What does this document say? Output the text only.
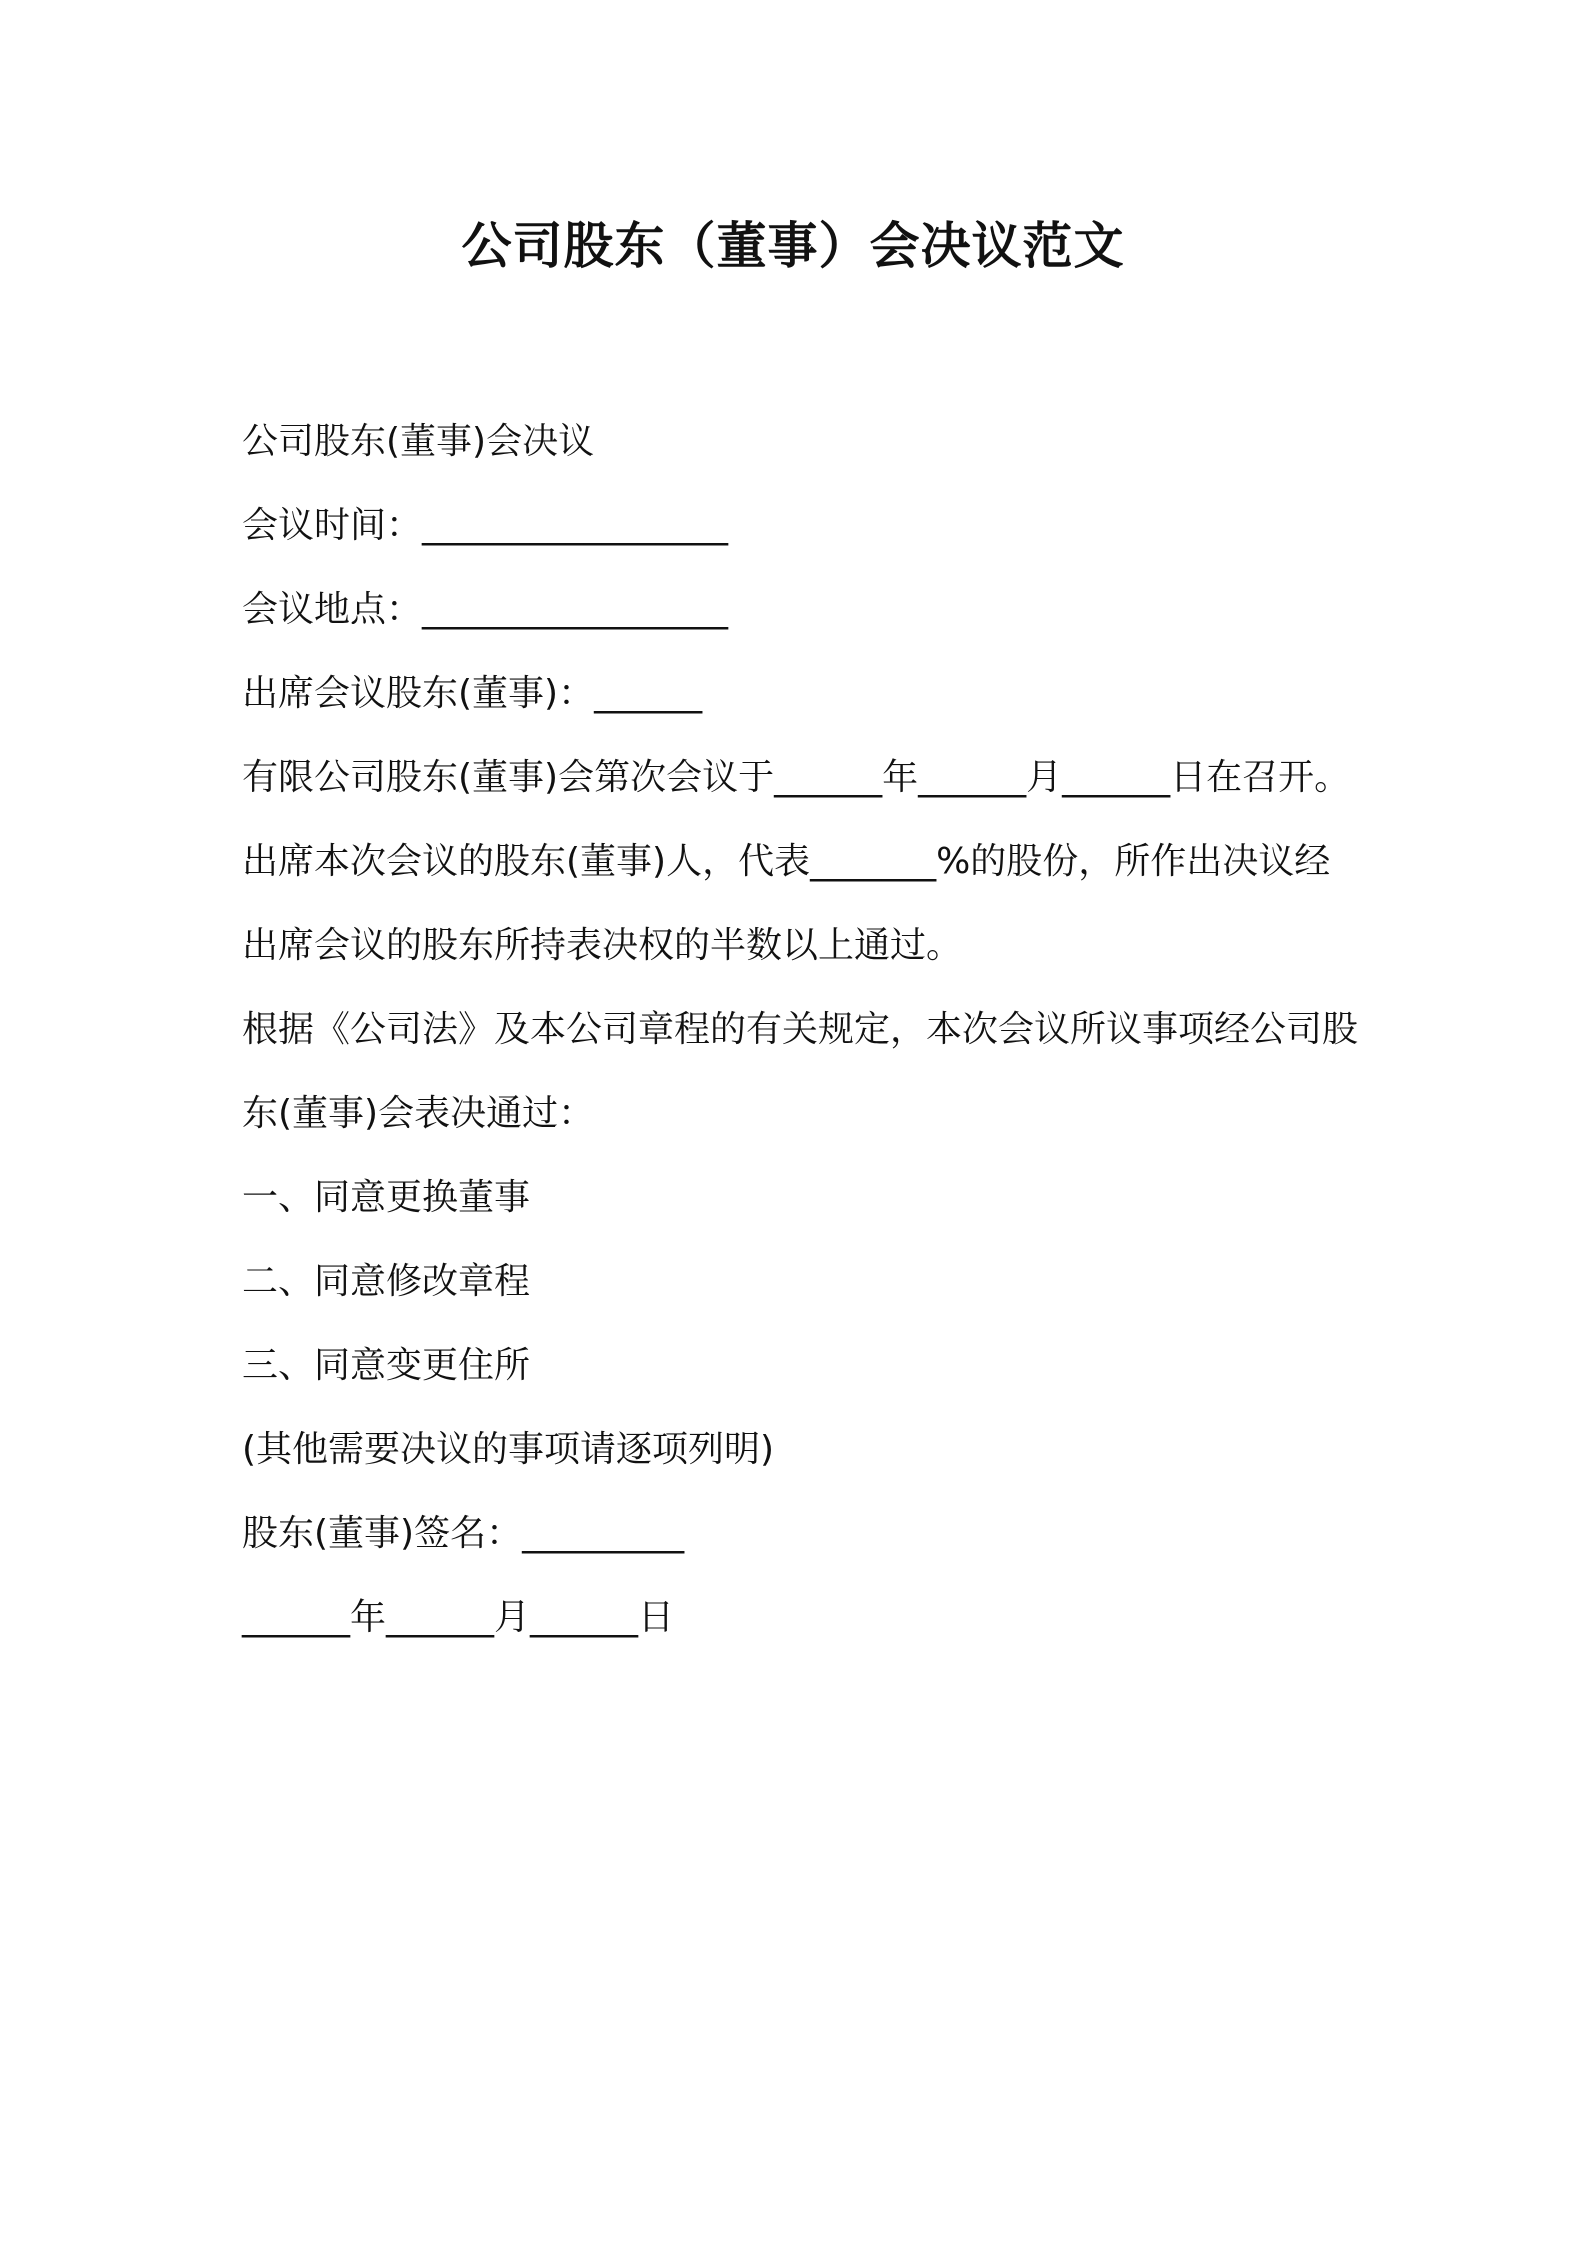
公司股东（董事）会决议范文
公司股东(董事)会决议
会议时间：_________________
会议地点：_________________
出席会议股东(董事)：______
有限公司股东(董事)会第次会议于______年______月______日在召开。出席本次会议的股东(董事)人，代表_______%的股份，所作出决议经出席会议的股东所持表决权的半数以上通过。
根据《公司法》及本公司章程的有关规定，本次会议所议事项经公司股东(董事)会表决通过：
一、同意更换董事
二、同意修改章程
三、同意变更住所
(其他需要决议的事项请逐项列明)
股东(董事)签名：_________
______年______月______日
